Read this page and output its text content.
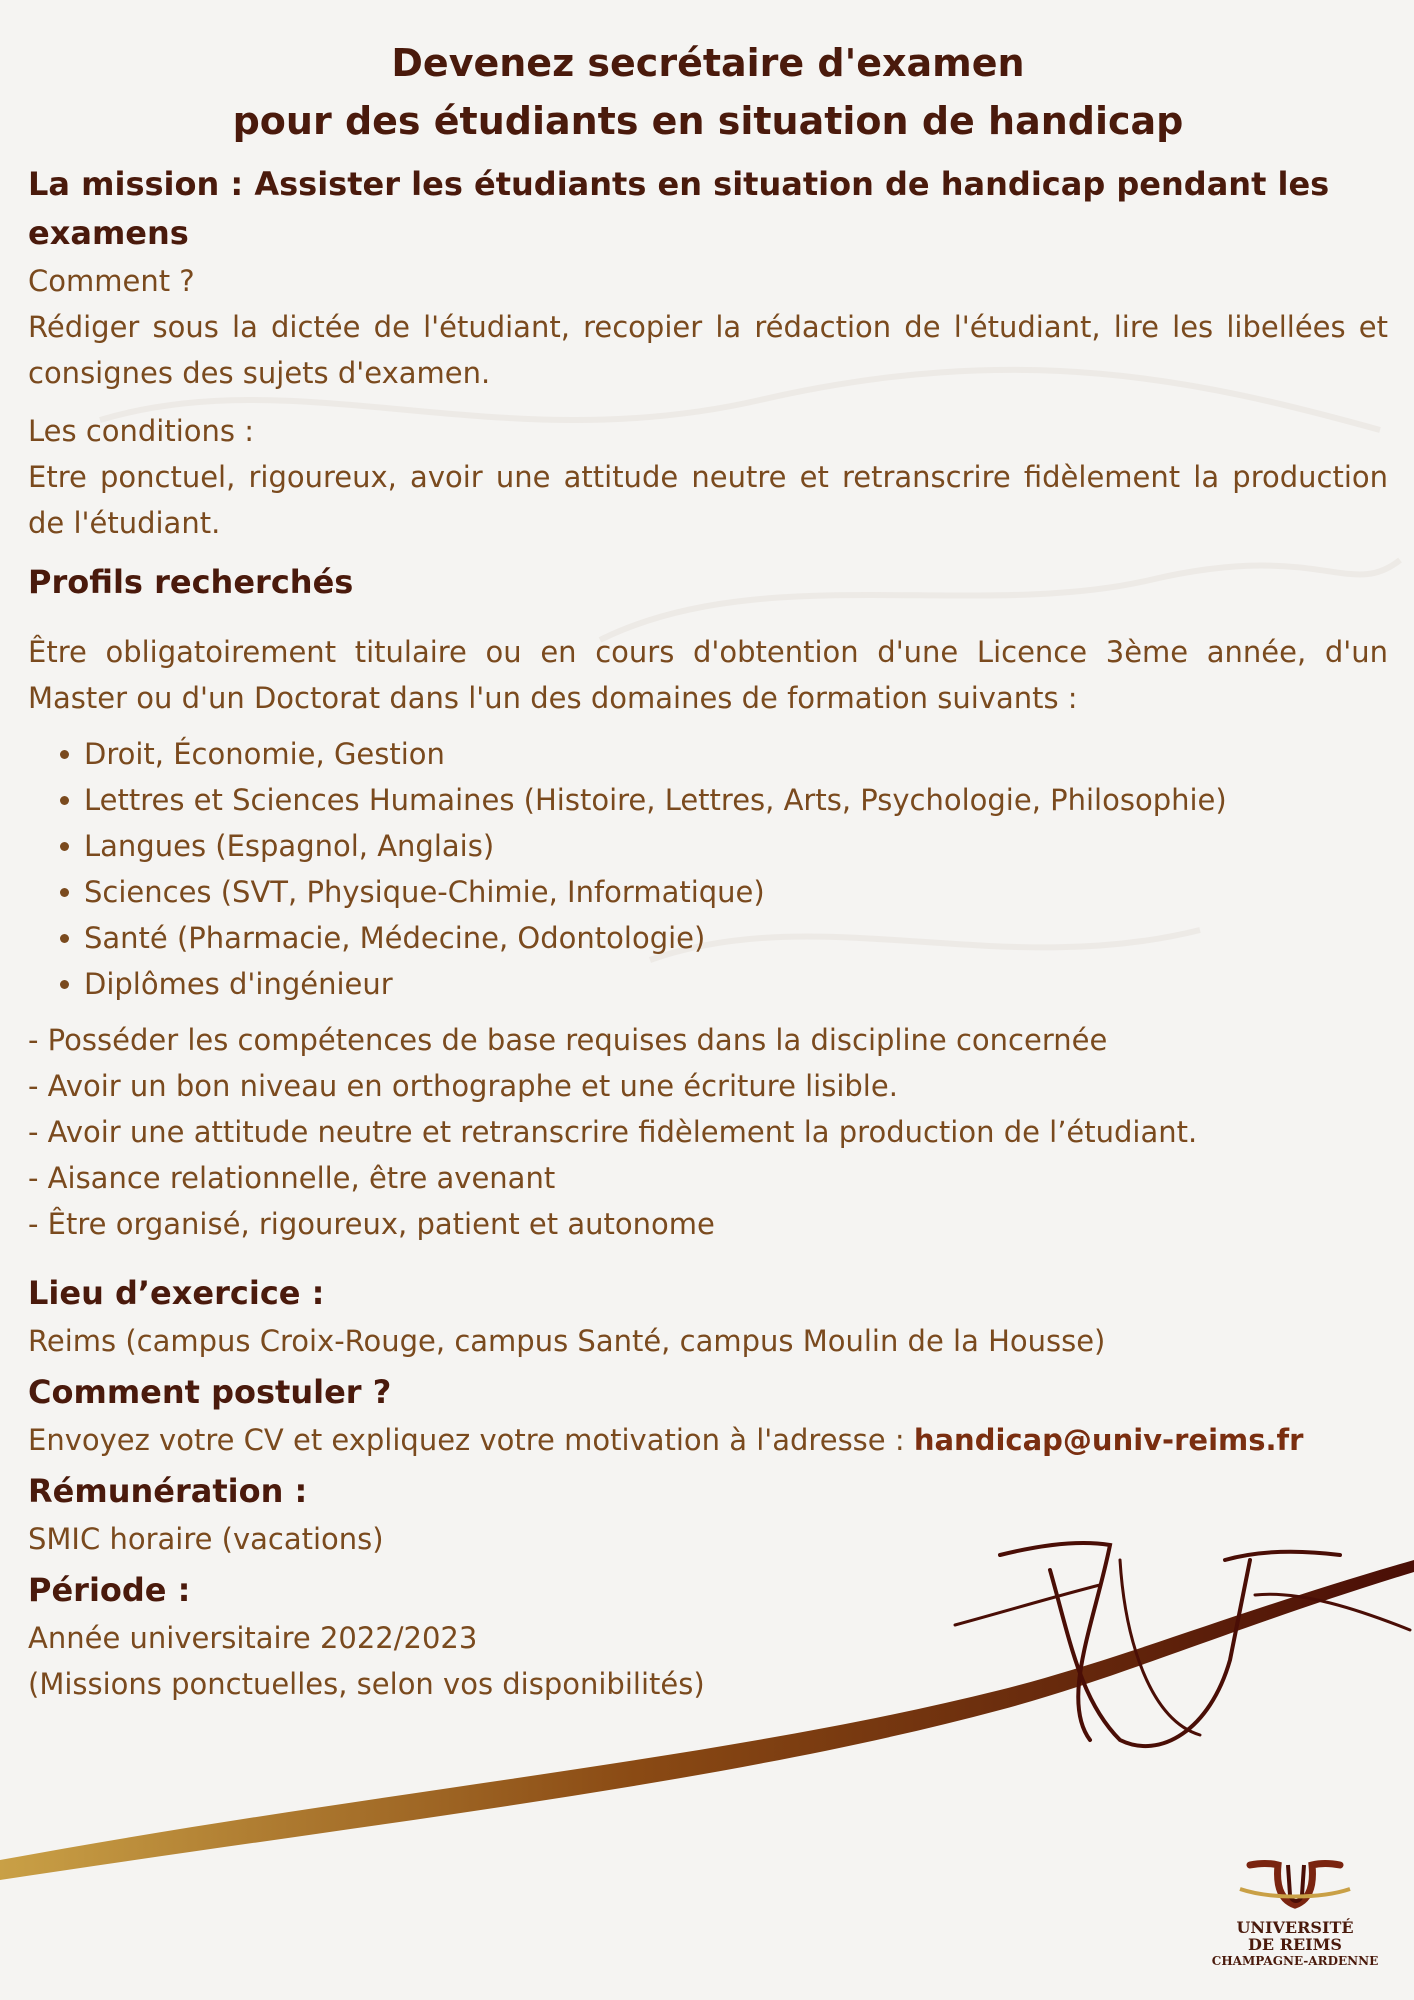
Devenez secrétaire d'examen
pour des étudiants en situation de handicap

La mission : Assister les étudiants en situation de handicap pendant les examens

Comment ?

Rédiger sous la dictée de l'étudiant, recopier la rédaction de l'étudiant, lire les libellées et consignes des sujets d'examen.

Les conditions :

Etre ponctuel, rigoureux, avoir une attitude neutre et retranscrire fidèlement la production de l'étudiant.

Profils recherchés

Être obligatoirement titulaire ou en cours d'obtention d'une Licence 3ème année, d'un Master ou d'un Doctorat dans l'un des domaines de formation suivants :

Droit, Économie, Gestion
Lettres et Sciences Humaines (Histoire, Lettres, Arts, Psychologie, Philosophie)
Langues (Espagnol, Anglais)
Sciences (SVT, Physique-Chimie, Informatique)
Santé (Pharmacie, Médecine, Odontologie)
Diplômes d'ingénieur

- Posséder les compétences de base requises dans la discipline concernée

- Avoir un bon niveau en orthographe et une écriture lisible.

- Avoir une attitude neutre et retranscrire fidèlement la production de l’étudiant.

- Aisance relationnelle, être avenant

- Être organisé, rigoureux, patient et autonome

Lieu d’exercice :

Reims (campus Croix-Rouge, campus Santé, campus Moulin de la Housse)

Comment postuler ?

Envoyez votre CV et expliquez votre motivation à l'adresse : handicap@univ-reims.fr

Rémunération :

SMIC horaire (vacations)

Période :

Année universitaire 2022/2023

(Missions ponctuelles, selon vos disponibilités)

UNIVERSITÉ
DE REIMS
CHAMPAGNE-ARDENNE
